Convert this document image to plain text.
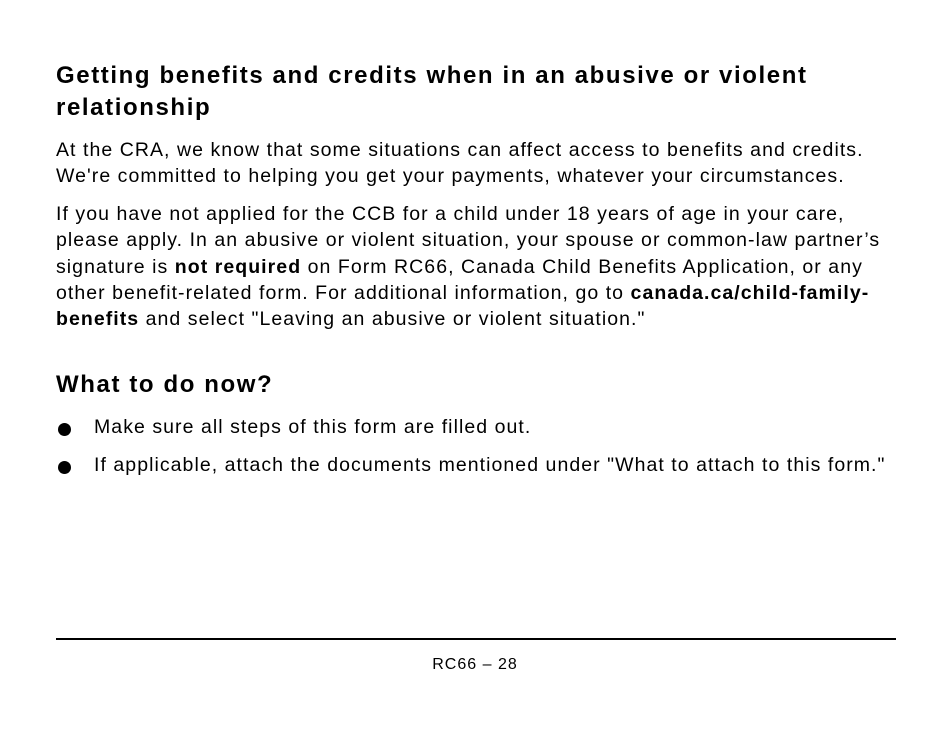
Getting benefits and credits when in an abusive or violent relationship

At the CRA, we know that some situations can affect access to benefits and credits. We're committed to helping you get your payments, whatever your circumstances.

If you have not applied for the CCB for a child under 18 years of age in your care, please apply. In an abusive or violent situation, your spouse or common-law partner’s signature is not required on Form RC66, Canada Child Benefits Application, or any other benefit-related form. For additional information, go to canada.ca/child-family-benefits and select "Leaving an abusive or violent situation."

What to do now?
Make sure all steps of this form are filled out.
If applicable, attach the documents mentioned under "What to attach to this form."
RC66 – 28
